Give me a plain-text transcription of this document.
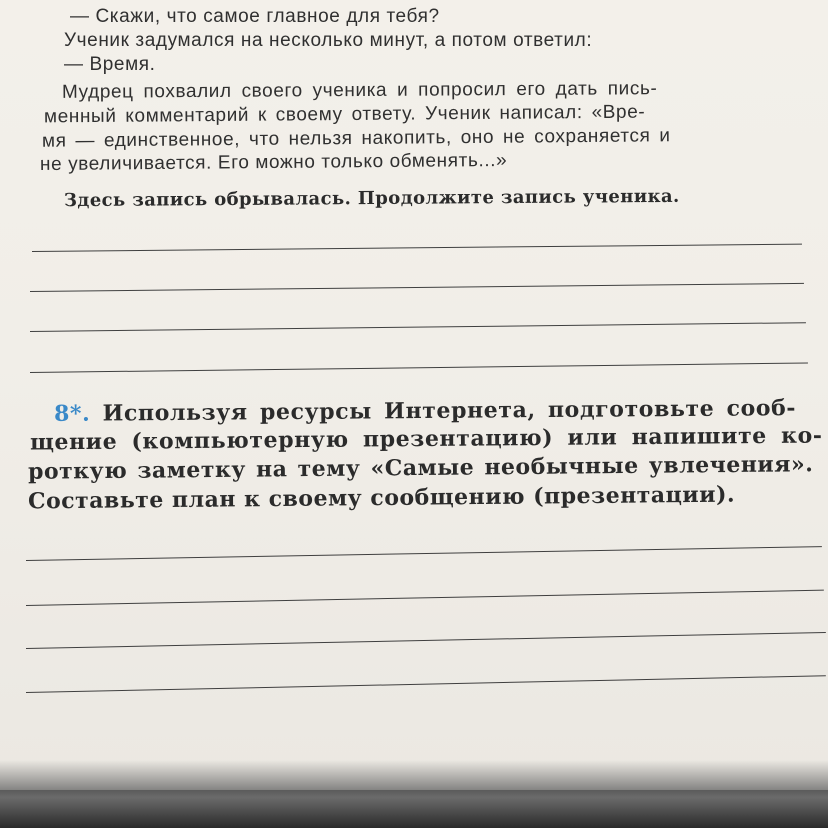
— Скажи, что самое главное для тебя?
Ученик задумался на несколько минут, а потом ответил:
— Время.
Мудрец похвалил своего ученика и попросил его дать пись-
менный комментарий к своему ответу. Ученик написал: «Вре-
мя — единственное, что нельзя накопить, оно не сохраняется и
не увеличивается. Его можно только обменять...»
Здесь запись обрывалась. Продолжите запись ученика.
8*. Используя ресурсы Интернета, подготовьте сооб-
щение (компьютерную презентацию) или напишите ко-
роткую заметку на тему «Самые необычные увлечения».
Составьте план к своему сообщению (презентации).
